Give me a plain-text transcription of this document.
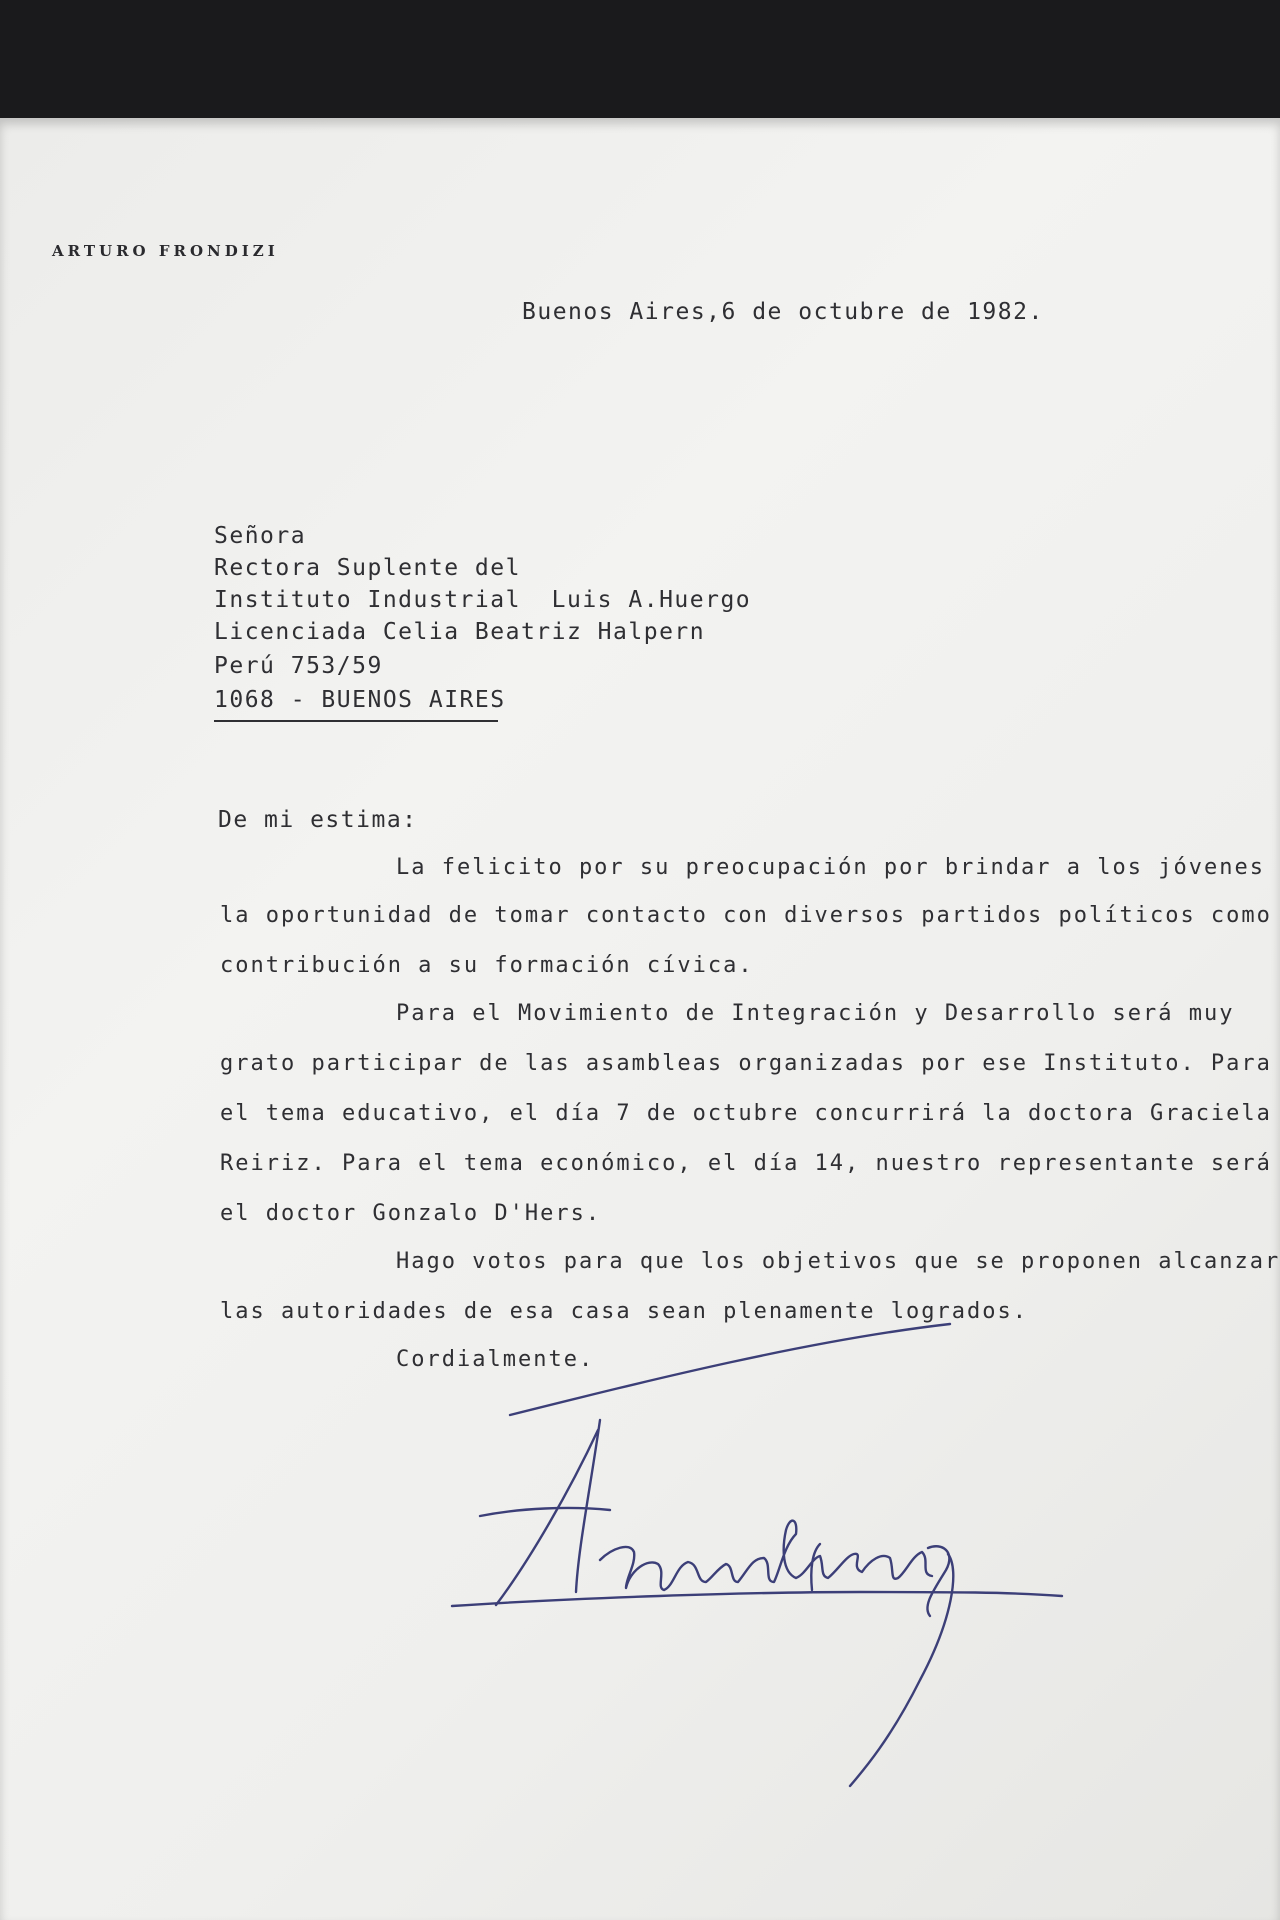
ARTURO FRONDIZI
Buenos Aires,6 de octubre de 1982.
Señora
Rectora Suplente del
Instituto Industrial  Luis A.Huergo
Licenciada Celia Beatriz Halpern
Perú 753/59
1068 - BUENOS AIRES
De mi estima:
La felicito por su preocupación por brindar a los jóvenes
la oportunidad de tomar contacto con diversos partidos políticos como
contribución a su formación cívica.
Para el Movimiento de Integración y Desarrollo será muy
grato participar de las asambleas organizadas por ese Instituto. Para
el tema educativo, el día 7 de octubre concurrirá la doctora Graciela
Reiriz. Para el tema económico, el día 14, nuestro representante será
el doctor Gonzalo D'Hers.
Hago votos para que los objetivos que se proponen alcanzar
las autoridades de esa casa sean plenamente logrados.
Cordialmente.
